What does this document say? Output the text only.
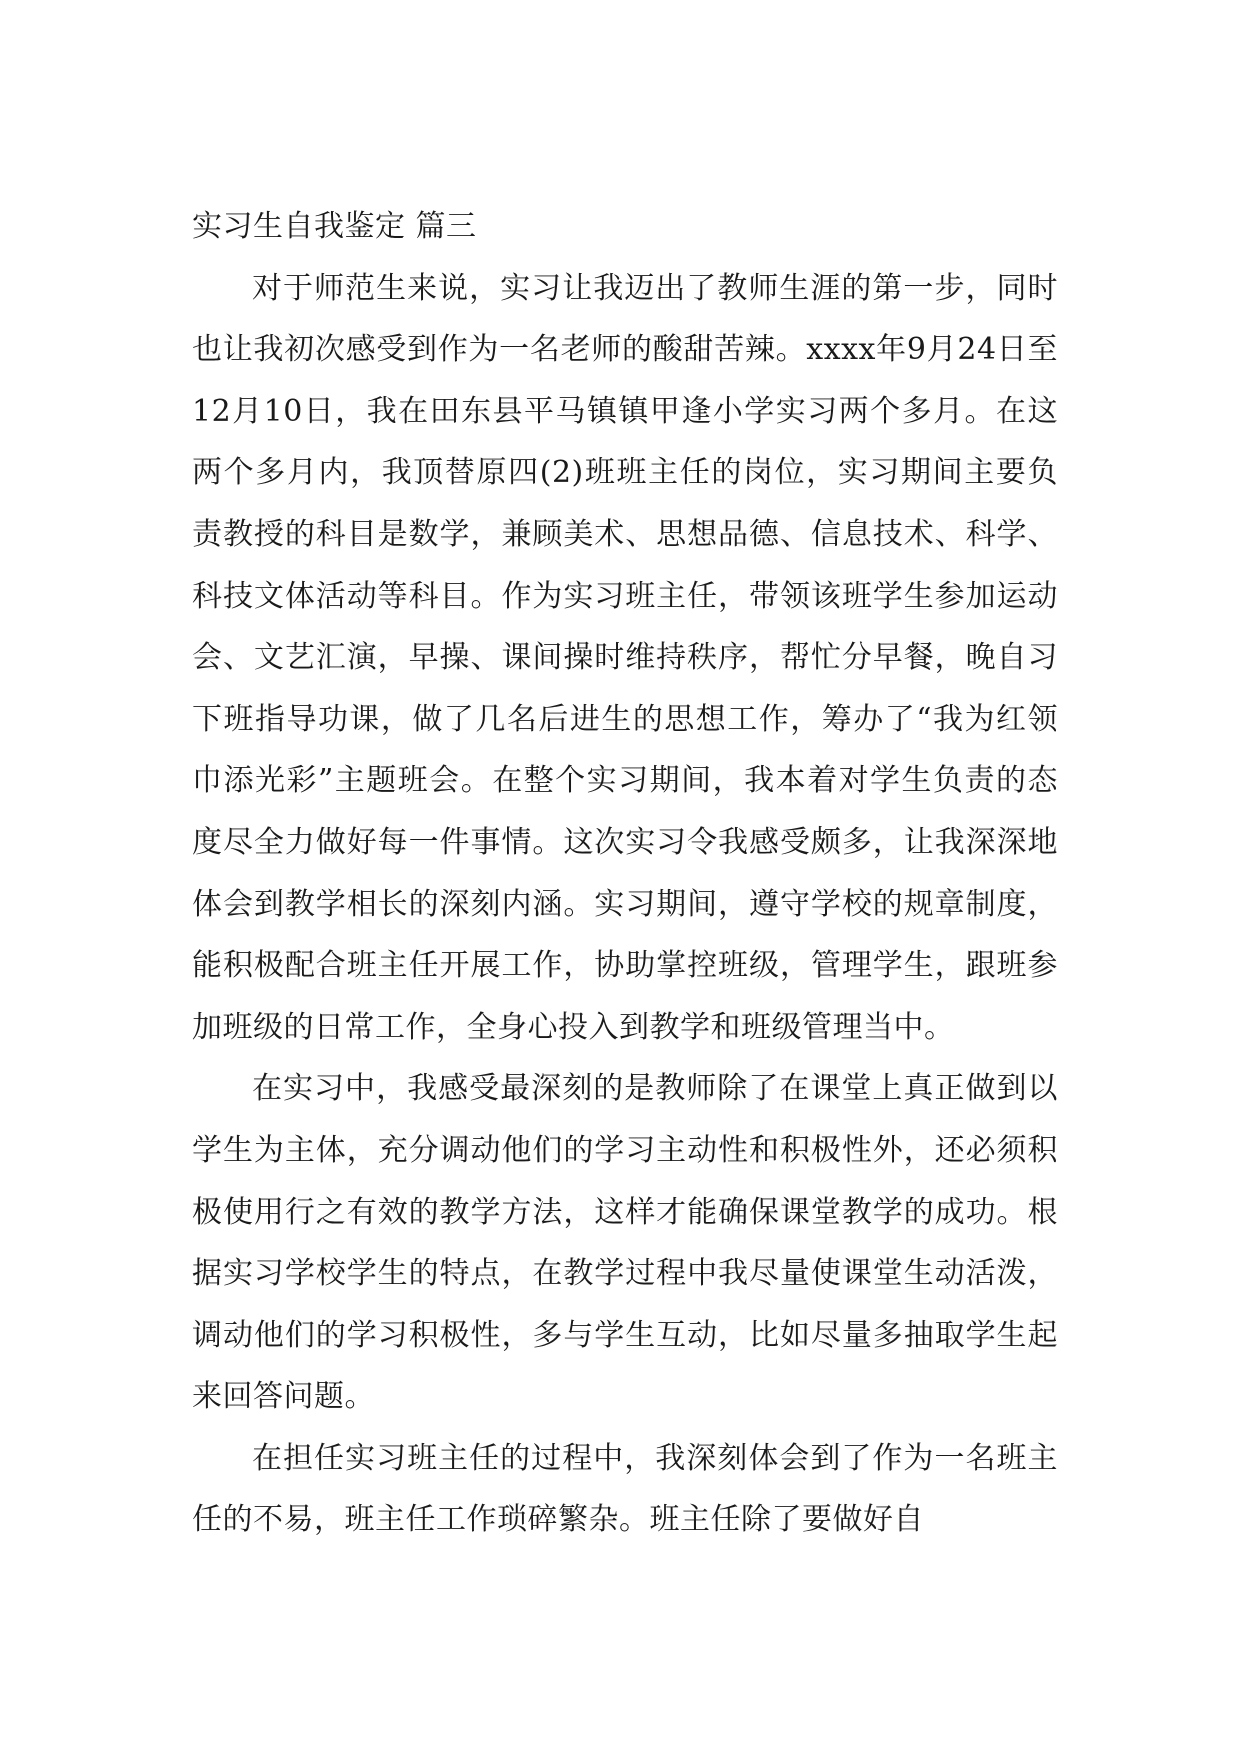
实习生自我鉴定 篇三

对于师范生来说，实习让我迈出了教师生涯的第一步，同时也让我初次感受到作为一名老师的酸甜苦辣。xxxx年9月24日至12月10日，我在田东县平马镇镇甲逢小学实习两个多月。在这两个多月内，我顶替原四(2)班班主任的岗位，实习期间主要负责教授的科目是数学，兼顾美术、思想品德、信息技术、科学、科技文体活动等科目。作为实习班主任，带领该班学生参加运动会、文艺汇演，早操、课间操时维持秩序，帮忙分早餐，晚自习下班指导功课，做了几名后进生的思想工作，筹办了“我为红领巾添光彩”主题班会。在整个实习期间，我本着对学生负责的态度尽全力做好每一件事情。这次实习令我感受颇多，让我深深地体会到教学相长的深刻内涵。实习期间，遵守学校的规章制度，能积极配合班主任开展工作，协助掌控班级，管理学生，跟班参加班级的日常工作，全身心投入到教学和班级管理当中。

在实习中，我感受最深刻的是教师除了在课堂上真正做到以学生为主体，充分调动他们的学习主动性和积极性外，还必须积极使用行之有效的教学方法，这样才能确保课堂教学的成功。根据实习学校学生的特点，在教学过程中我尽量使课堂生动活泼，调动他们的学习积极性，多与学生互动，比如尽量多抽取学生起来回答问题。

在担任实习班主任的过程中，我深刻体会到了作为一名班主任的不易，班主任工作琐碎繁杂。班主任除了要做好自
